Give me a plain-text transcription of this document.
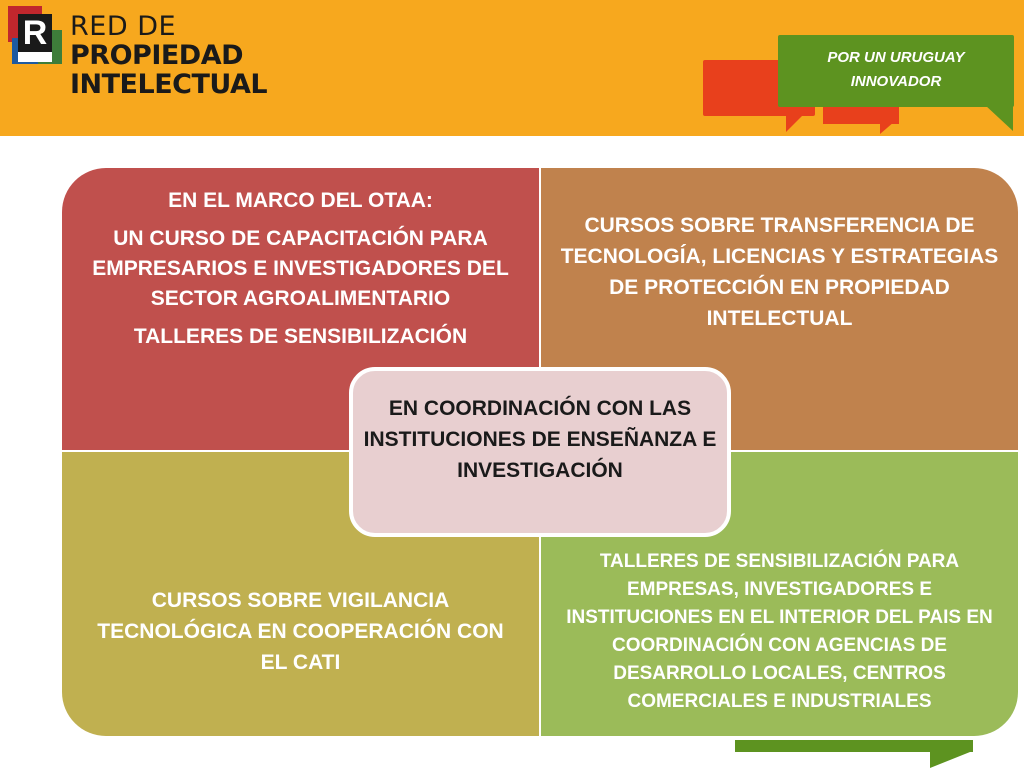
R RED DE
PROPIEDAD
INTELECTUAL
POR UN URUGUAY
INNOVADOR
EN EL MARCO DEL OTAA:
UN CURSO DE CAPACITACIÓN PARA EMPRESARIOS E INVESTIGADORES DEL SECTOR AGROALIMENTARIO
TALLERES DE SENSIBILIZACIÓN
CURSOS SOBRE TRANSFERENCIA DE TECNOLOGÍA, LICENCIAS Y ESTRATEGIAS DE PROTECCIÓN EN PROPIEDAD INTELECTUAL
CURSOS SOBRE VIGILANCIA TECNOLÓGICA EN COOPERACIÓN CON EL CATI
TALLERES DE SENSIBILIZACIÓN PARA EMPRESAS, INVESTIGADORES E INSTITUCIONES EN EL INTERIOR DEL PAIS EN COORDINACIÓN CON AGENCIAS DE DESARROLLO LOCALES, CENTROS COMERCIALES E INDUSTRIALES
EN COORDINACIÓN CON LAS INSTITUCIONES DE ENSEÑANZA E INVESTIGACIÓN
